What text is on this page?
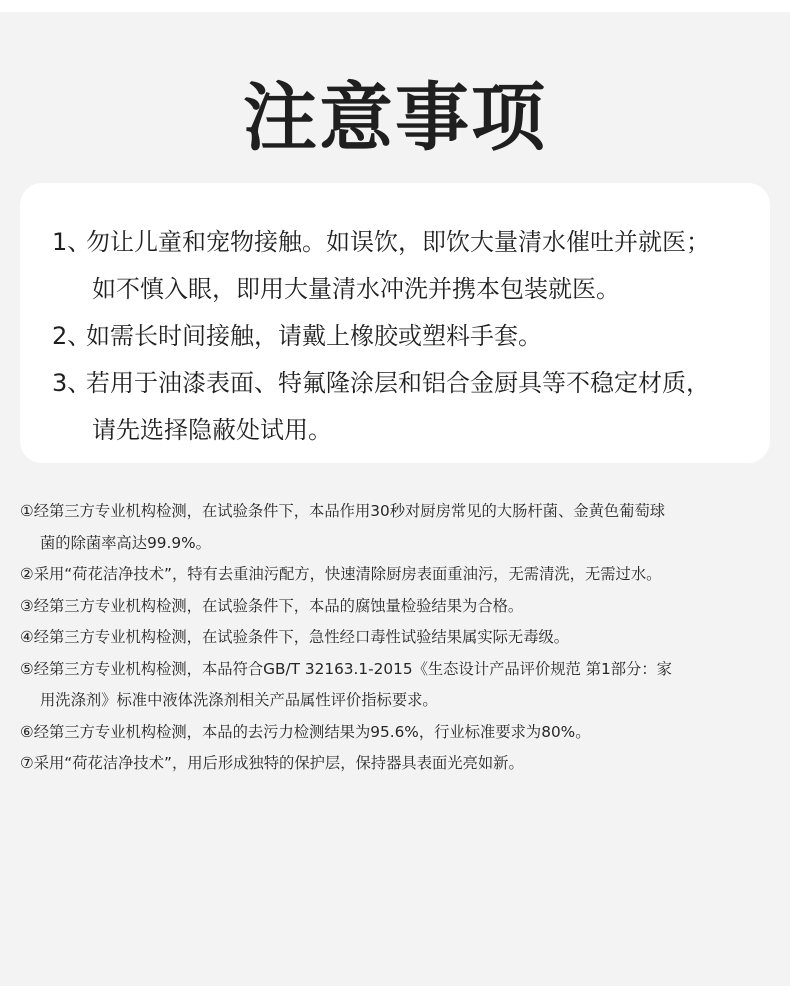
注意事项
1、勿让儿童和宠物接触。如误饮，即饮大量清水催吐并就医；
如不慎入眼，即用大量清水冲洗并携本包装就医。
2、如需长时间接触，请戴上橡胶或塑料手套。
3、若用于油漆表面、特氟隆涂层和铝合金厨具等不稳定材质，
请先选择隐蔽处试用。
①经第三方专业机构检测，在试验条件下，本品作用30秒对厨房常见的大肠杆菌、金黄色葡萄球
菌的除菌率高达99.9%。
②采用“荷花洁净技术”，特有去重油污配方，快速清除厨房表面重油污，无需清洗，无需过水。
③经第三方专业机构检测，在试验条件下，本品的腐蚀量检验结果为合格。
④经第三方专业机构检测，在试验条件下，急性经口毒性试验结果属实际无毒级。
⑤经第三方专业机构检测，本品符合GB/T 32163.1-2015《生态设计产品评价规范 第1部分：家
用洗涤剂》标准中液体洗涤剂相关产品属性评价指标要求。
⑥经第三方专业机构检测，本品的去污力检测结果为95.6%，行业标准要求为80%。
⑦采用“荷花洁净技术”，用后形成独特的保护层，保持器具表面光亮如新。
